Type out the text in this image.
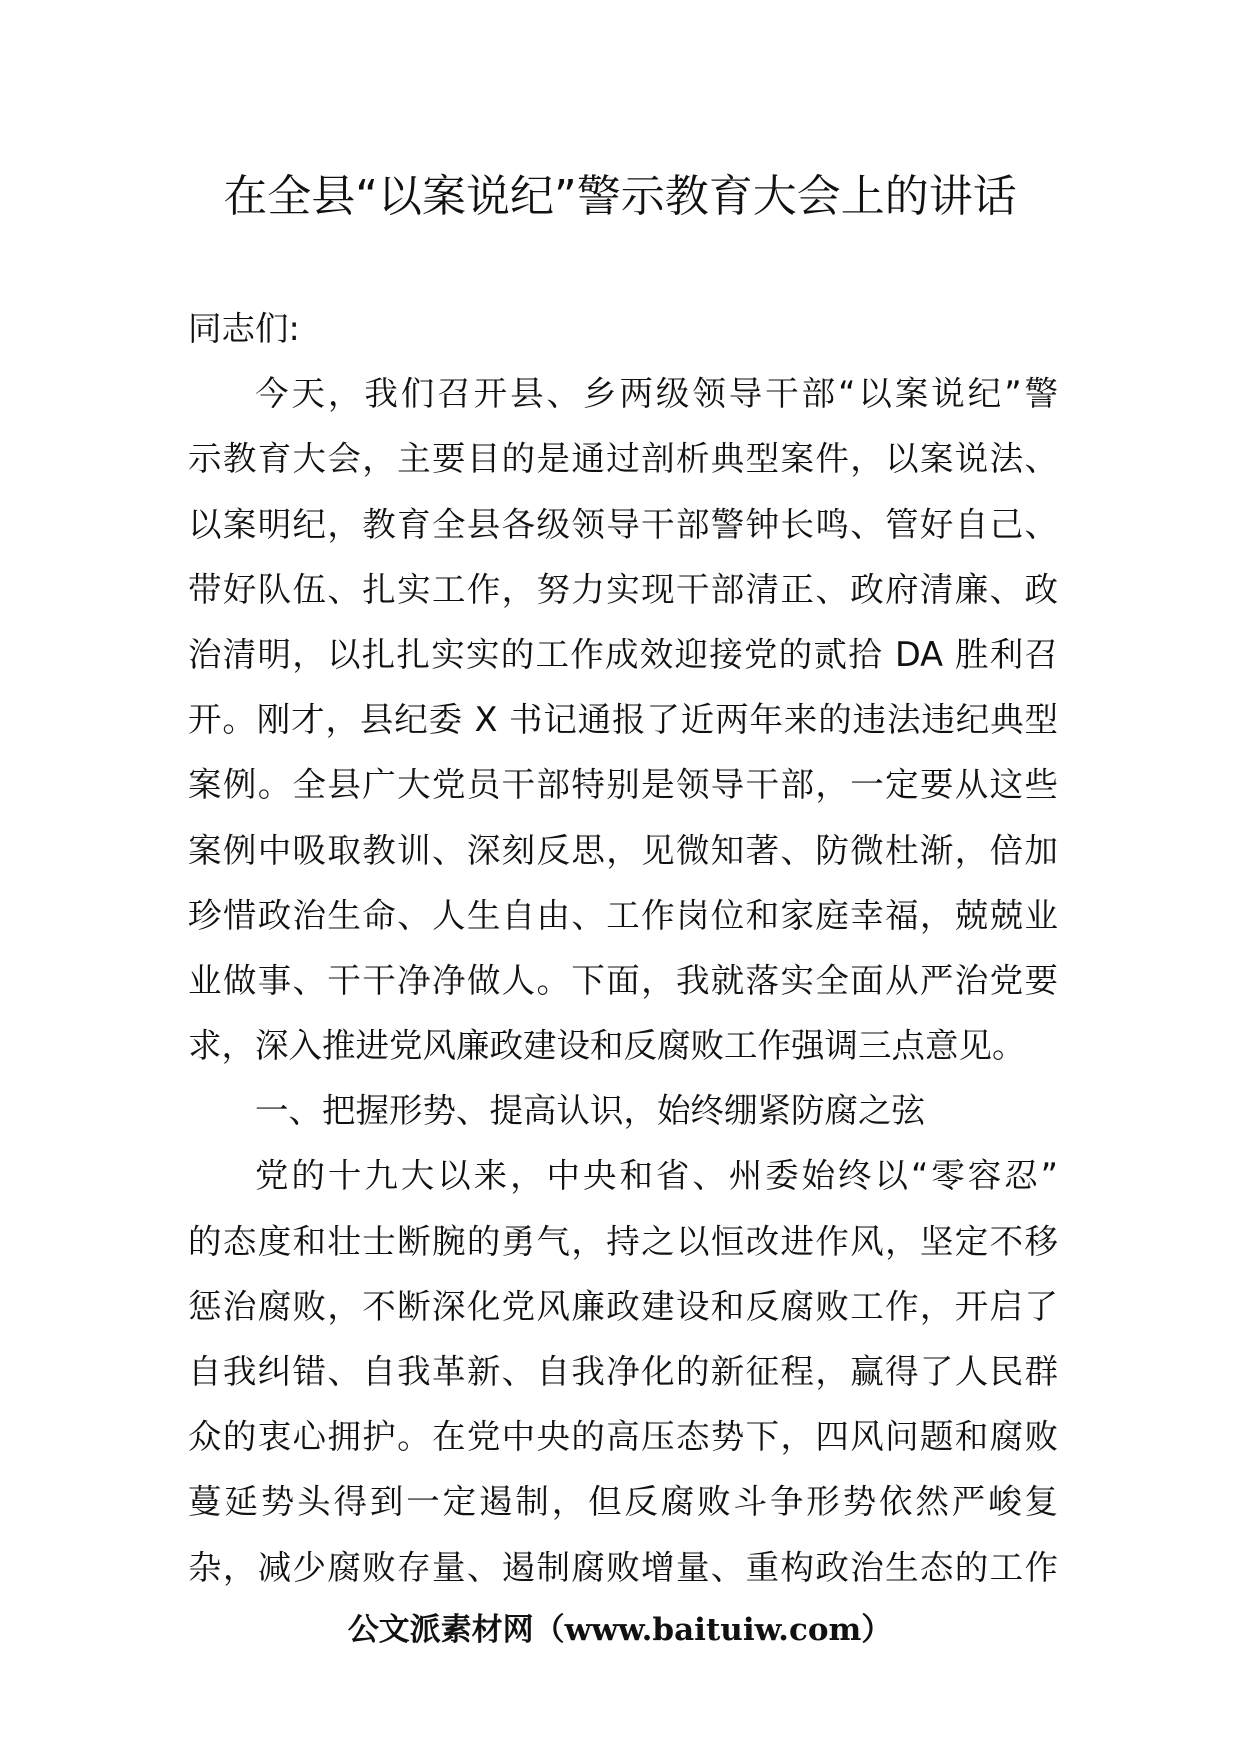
在全县“以案说纪”警示教育大会上的讲话

同志们:

今天，我们召开县、乡两级领导干部“以案说纪”警

示教育大会，主要目的是通过剖析典型案件，以案说法、

以案明纪，教育全县各级领导干部警钟长鸣、管好自己、

带好队伍、扎实工作，努力实现干部清正、政府清廉、政

治清明，以扎扎实实的工作成效迎接党的贰拾 DA 胜利召

开。刚才，县纪委 X 书记通报了近两年来的违法违纪典型

案例。全县广大党员干部特别是领导干部，一定要从这些

案例中吸取教训、深刻反思，见微知著、防微杜渐，倍加

珍惜政治生命、人生自由、工作岗位和家庭幸福，兢兢业

业做事、干干净净做人。下面，我就落实全面从严治党要

求，深入推进党风廉政建设和反腐败工作强调三点意见。

一、把握形势、提高认识，始终绷紧防腐之弦

党的十九大以来，中央和省、州委始终以“零容忍”

的态度和壮士断腕的勇气，持之以恒改进作风，坚定不移

惩治腐败，不断深化党风廉政建设和反腐败工作，开启了

自我纠错、自我革新、自我净化的新征程，赢得了人民群

众的衷心拥护。在党中央的高压态势下，四风问题和腐败

蔓延势头得到一定遏制，但反腐败斗争形势依然严峻复

杂，减少腐败存量、遏制腐败增量、重构政治生态的工作

公文派素材网（www.baituiw.com）
